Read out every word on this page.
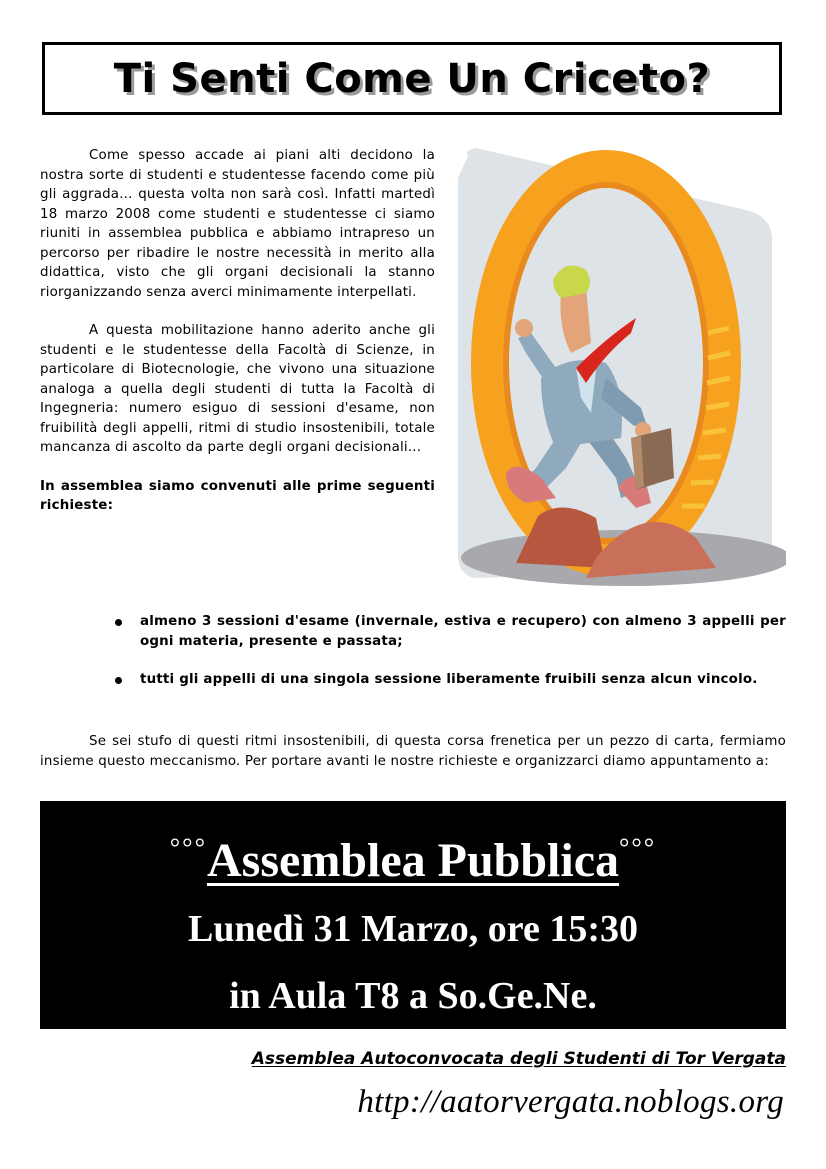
Ti Senti Come Un Criceto?

Come spesso accade ai piani alti decidono la nostra sorte di studenti e studentesse facendo come più gli aggrada... questa volta non sarà così. Infatti martedì 18 marzo 2008 come studenti e studentesse ci siamo riuniti in assemblea pubblica e abbiamo intrapreso un percorso per ribadire le nostre necessità in merito alla didattica, visto che gli organi decisionali la stanno riorganizzando senza averci minimamente interpellati.

A questa mobilitazione hanno aderito anche gli studenti e le studentesse della Facoltà di Scienze, in particolare di Biotecnologie, che vivono una situazione analoga a quella degli studenti di tutta la Facoltà di Ingegneria: numero esiguo di sessioni d'esame, non fruibilità degli appelli, ritmi di studio insostenibili, totale mancanza di ascolto da parte degli organi decisionali...

In assemblea siamo convenuti alle prime seguenti richieste:

almeno 3 sessioni d'esame (invernale, estiva e recupero) con almeno 3 appelli per ogni materia, presente e passata;
tutti gli appelli di una singola sessione liberamente fruibili senza alcun vincolo.

Se sei stufo di questi ritmi insostenibili, di questa corsa frenetica per un pezzo di carta, fermiamo insieme questo meccanismo. Per portare avanti le nostre richieste e organizzarci diamo appuntamento a:

°°°Assemblea Pubblica°°°
Lunedì 31 Marzo, ore 15:30
in Aula T8 a So.Ge.Ne.
Assemblea Autoconvocata degli Studenti di Tor Vergata
http://aatorvergata.noblogs.org
